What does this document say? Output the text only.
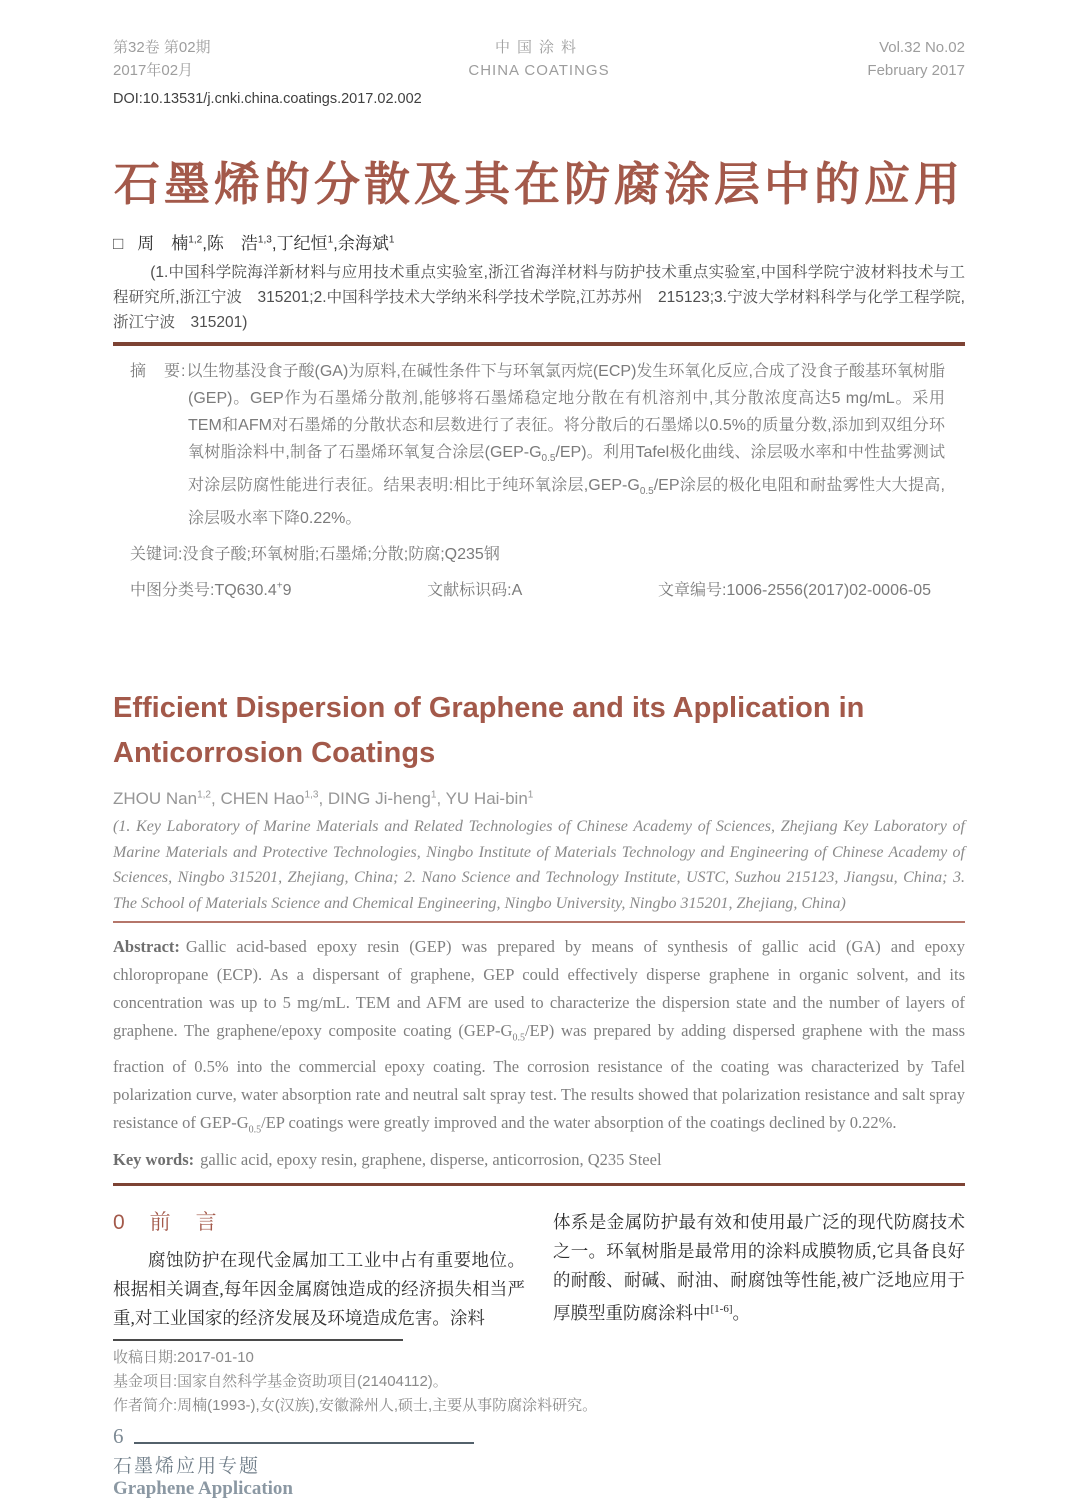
第32卷 第02期
2017年02月
中国涂料
CHINA COATINGS
Vol.32 No.02
February 2017
DOI:10.13531/j.cnki.china.coatings.2017.02.002
石墨烯的分散及其在防腐涂层中的应用
□ 周　楠$^{1,2}$,陈　浩$^{1,3}$,丁纪恒$^1$,余海斌$^1$
(1.中国科学院海洋新材料与应用技术重点实验室,浙江省海洋材料与防护技术重点实验室,中国科学院宁波材料技术与工程研究所,浙江宁波　315201;2.中国科学技术大学纳米科学技术学院,江苏苏州　215123;3.宁波大学材料科学与化学工程学院,浙江宁波　315201)
摘　要:以生物基没食子酸(GA)为原料,在碱性条件下与环氧氯丙烷(ECP)发生环氧化反应,合成了没食子酸基环氧树脂(GEP)。GEP作为石墨烯分散剂,能够将石墨烯稳定地分散在有机溶剂中,其分散浓度高达5 mg/mL。采用TEM和AFM对石墨烯的分散状态和层数进行了表征。将分散后的石墨烯以0.5%的质量分数,添加到双组分环氧树脂涂料中,制备了石墨烯环氧复合涂层$(GEP-G_{0.5}/EP)$。利用Tafel极化曲线、涂层吸水率和中性盐雾测试对涂层防腐性能进行表征。结果表明:相比于纯环氧涂层$,GEP-G_{0.5}/EP$涂层的极化电阻和耐盐雾性大大提高,涂层吸水率下降0.22%。
关键词:没食子酸;环氧树脂;石墨烯;分散;防腐;Q235钢
中图分类号:TQ630.4+9	文献标识码:A	文章编号:1006-2556(2017)02-0006-05
Efficient Dispersion of Graphene and its Application in
Anticorrosion Coatings
ZHOU Nan$^{1,2}$, CHEN Hao$^{1,3}$, DING Ji-heng$^1$, YU Hai-bin$^1$
(1. Key Laboratory of Marine Materials and Related Technologies of Chinese Academy of Sciences, Zhejiang Key Laboratory of Marine Materials and Protective Technologies, Ningbo Institute of Materials Technology and Engineering of Chinese Academy of Sciences, Ningbo 315201, Zhejiang, China; 2. Nano Science and Technology Institute, USTC, Suzhou 215123, Jiangsu, China; 3. The School of Materials Science and Chemical Engineering, Ningbo University, Ningbo 315201, Zhejiang, China)
Abstract: Gallic acid-based epoxy resin (GEP) was prepared by means of synthesis of gallic acid (GA) and epoxy chloropropane (ECP). As a dispersant of graphene, GEP could effectively disperse graphene in organic solvent, and its concentration was up to 5 mg/mL. TEM and AFM are used to characterize the dispersion state and the number of layers of graphene. The graphene/epoxy composite coating $(GEP-G_{0.5}/EP)$ was prepared by adding dispersed graphene with the mass fraction of 0.5% into the commercial epoxy coating. The corrosion resistance of the coating was characterized by Tafel polarization curve, water absorption rate and neutral salt spray test. The results showed that polarization resistance and salt spray resistance of GEP-$G_{0.5}/EP$ coatings were greatly improved and the water absorption of the coatings declined by 0.22%.
Key words: gallic acid, epoxy resin, graphene, disperse, anticorrosion, Q235 Steel
0　前　言

腐蚀防护在现代金属加工工业中占有重要地位。根据相关调查,每年因金属腐蚀造成的经济损失相当严重,对工业国家的经济发展及环境造成危害。涂料

体系是金属防护最有效和使用最广泛的现代防腐技术之一。环氧树脂是最常用的涂料成膜物质,它具备良好的耐酸、耐碱、耐油、耐腐蚀等性能,被广泛地应用于厚膜型重防腐涂料中[1-6]。

收稿日期:2017-01-10
基金项目:国家自然科学基金资助项目(21404112)。
作者简介:周楠(1993-),女(汉族),安徽滁州人,硕士,主要从事防腐涂料研究。
6
石墨烯应用专题
Graphene Application
